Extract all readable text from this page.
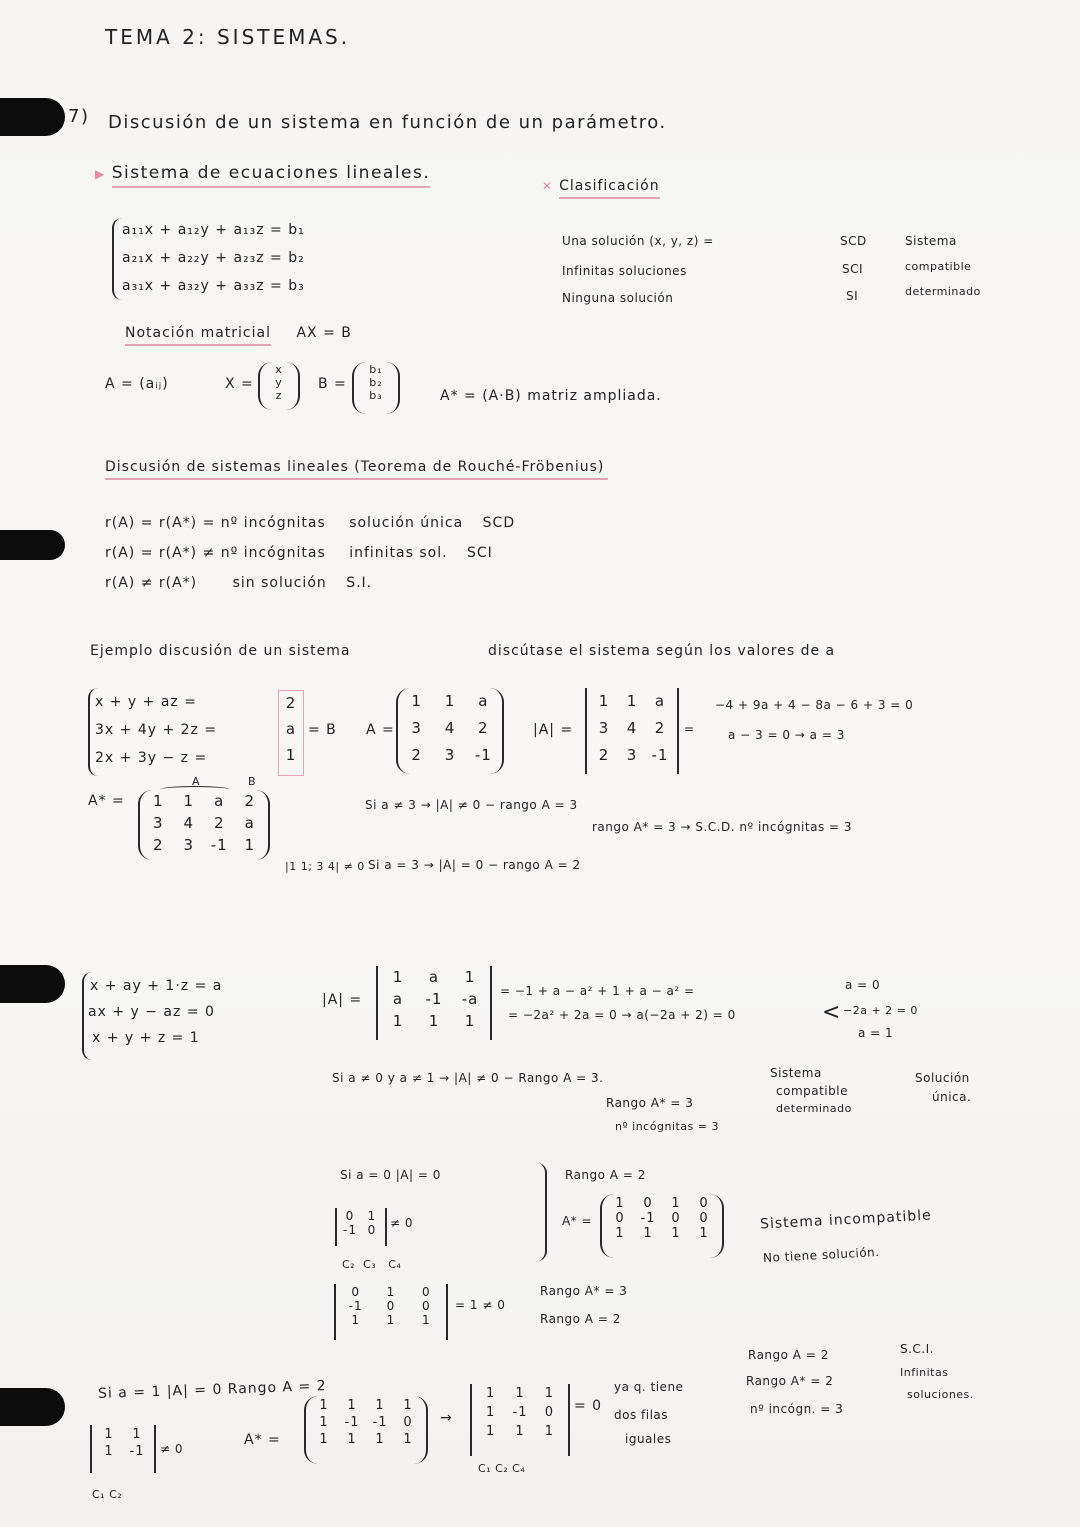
TEMA 2: SISTEMAS.
7) Discusión de un sistema en función de un parámetro.
▶ Sistema de ecuaciones lineales.
a₁₁x + a₁₂y + a₁₃z = b₁
a₂₁x + a₂₂y + a₂₃z = b₂
a₃₁x + a₃₂y + a₃₃z = b₃
Notación matricial AX = B
A = (aᵢⱼ)	X =
x
y
z
B =
b₁
b₂
b₃	A* = (A·B) matriz ampliada.
✕ Clasificación
Una solución (x, y, z) =	SCD
Infinitas soluciones	SCI
Ninguna solución	SI
Sistema
compatible
determinado
Discusión de sistemas lineales (Teorema de Rouché-Fröbenius)
r(A) = r(A*) = nº incógnitas solución única SCD
r(A) = r(A*) ≠ nº incógnitas infinitas sol. SCI
r(A) ≠ r(A*)	sin solución S.I.
Ejemplo discusión de un sistema	discútase el sistema según los valores de a
x + y + az =
3x + 4y + 2z =
2x + 3y − z =
2
a
1
= B A =
1	1	a
3	4	2
2	3	-1
|A| =
1	1	a
3	4	2
2	3 -1
=
−4 + 9a + 4 − 8a − 6 + 3 = 0
a − 3 = 0 → a = 3
A* =
A	B
1	1	a	2
3	4	2	a
2	3	-1	1
Si a ≠ 3 → |A| ≠ 0 − rango A = 3
rango A* = 3 → S.C.D. nº incógnitas = 3
|1 1; 3 4| ≠ 0 Si a = 3 → |A| = 0 − rango A = 2
x + ay + 1·z = a
ax + y − az = 0
x + y + z = 1
|A| =
1	a	1
a	-1	-a
1	1	1
= −1 + a − a² + 1 + a − a² =
= −2a² + 2a = 0 → a(−2a + 2) = 0	<
a = 0
−2a + 2 = 0
a = 1
Si a ≠ 0 y a ≠ 1 → |A| ≠ 0 − Rango A = 3.
Rango A* = 3
nº incógnitas = 3
Sistema
compatible
determinado
Solución
única.
Si a = 0 |A| = 0
0	1
-1 0	≠ 0
Rango A = 2
A* =
1	0	1	0
0	-1	0	0
1	1	1	1
C₂ C₃ C₄
0	1	0
-1	0	0
1	1	1
= 1 ≠ 0
Rango A* = 3
Rango A = 2
Sistema incompatible
No tiene solución.
Si a = 1 |A| = 0 Rango A = 2
1	1
1	-1 ≠ 0
C₁ C₂
A* =
1	1	1	1
1	-1	-1	0
1	1	1	1
→
1	1	1
1	-1	0
1	1	1
= 0
C₁ C₂ C₄
ya q. tiene
dos filas
iguales
Rango A = 2
Rango A* = 2
nº incógn. = 3
S.C.I.
Infinitas
soluciones.
